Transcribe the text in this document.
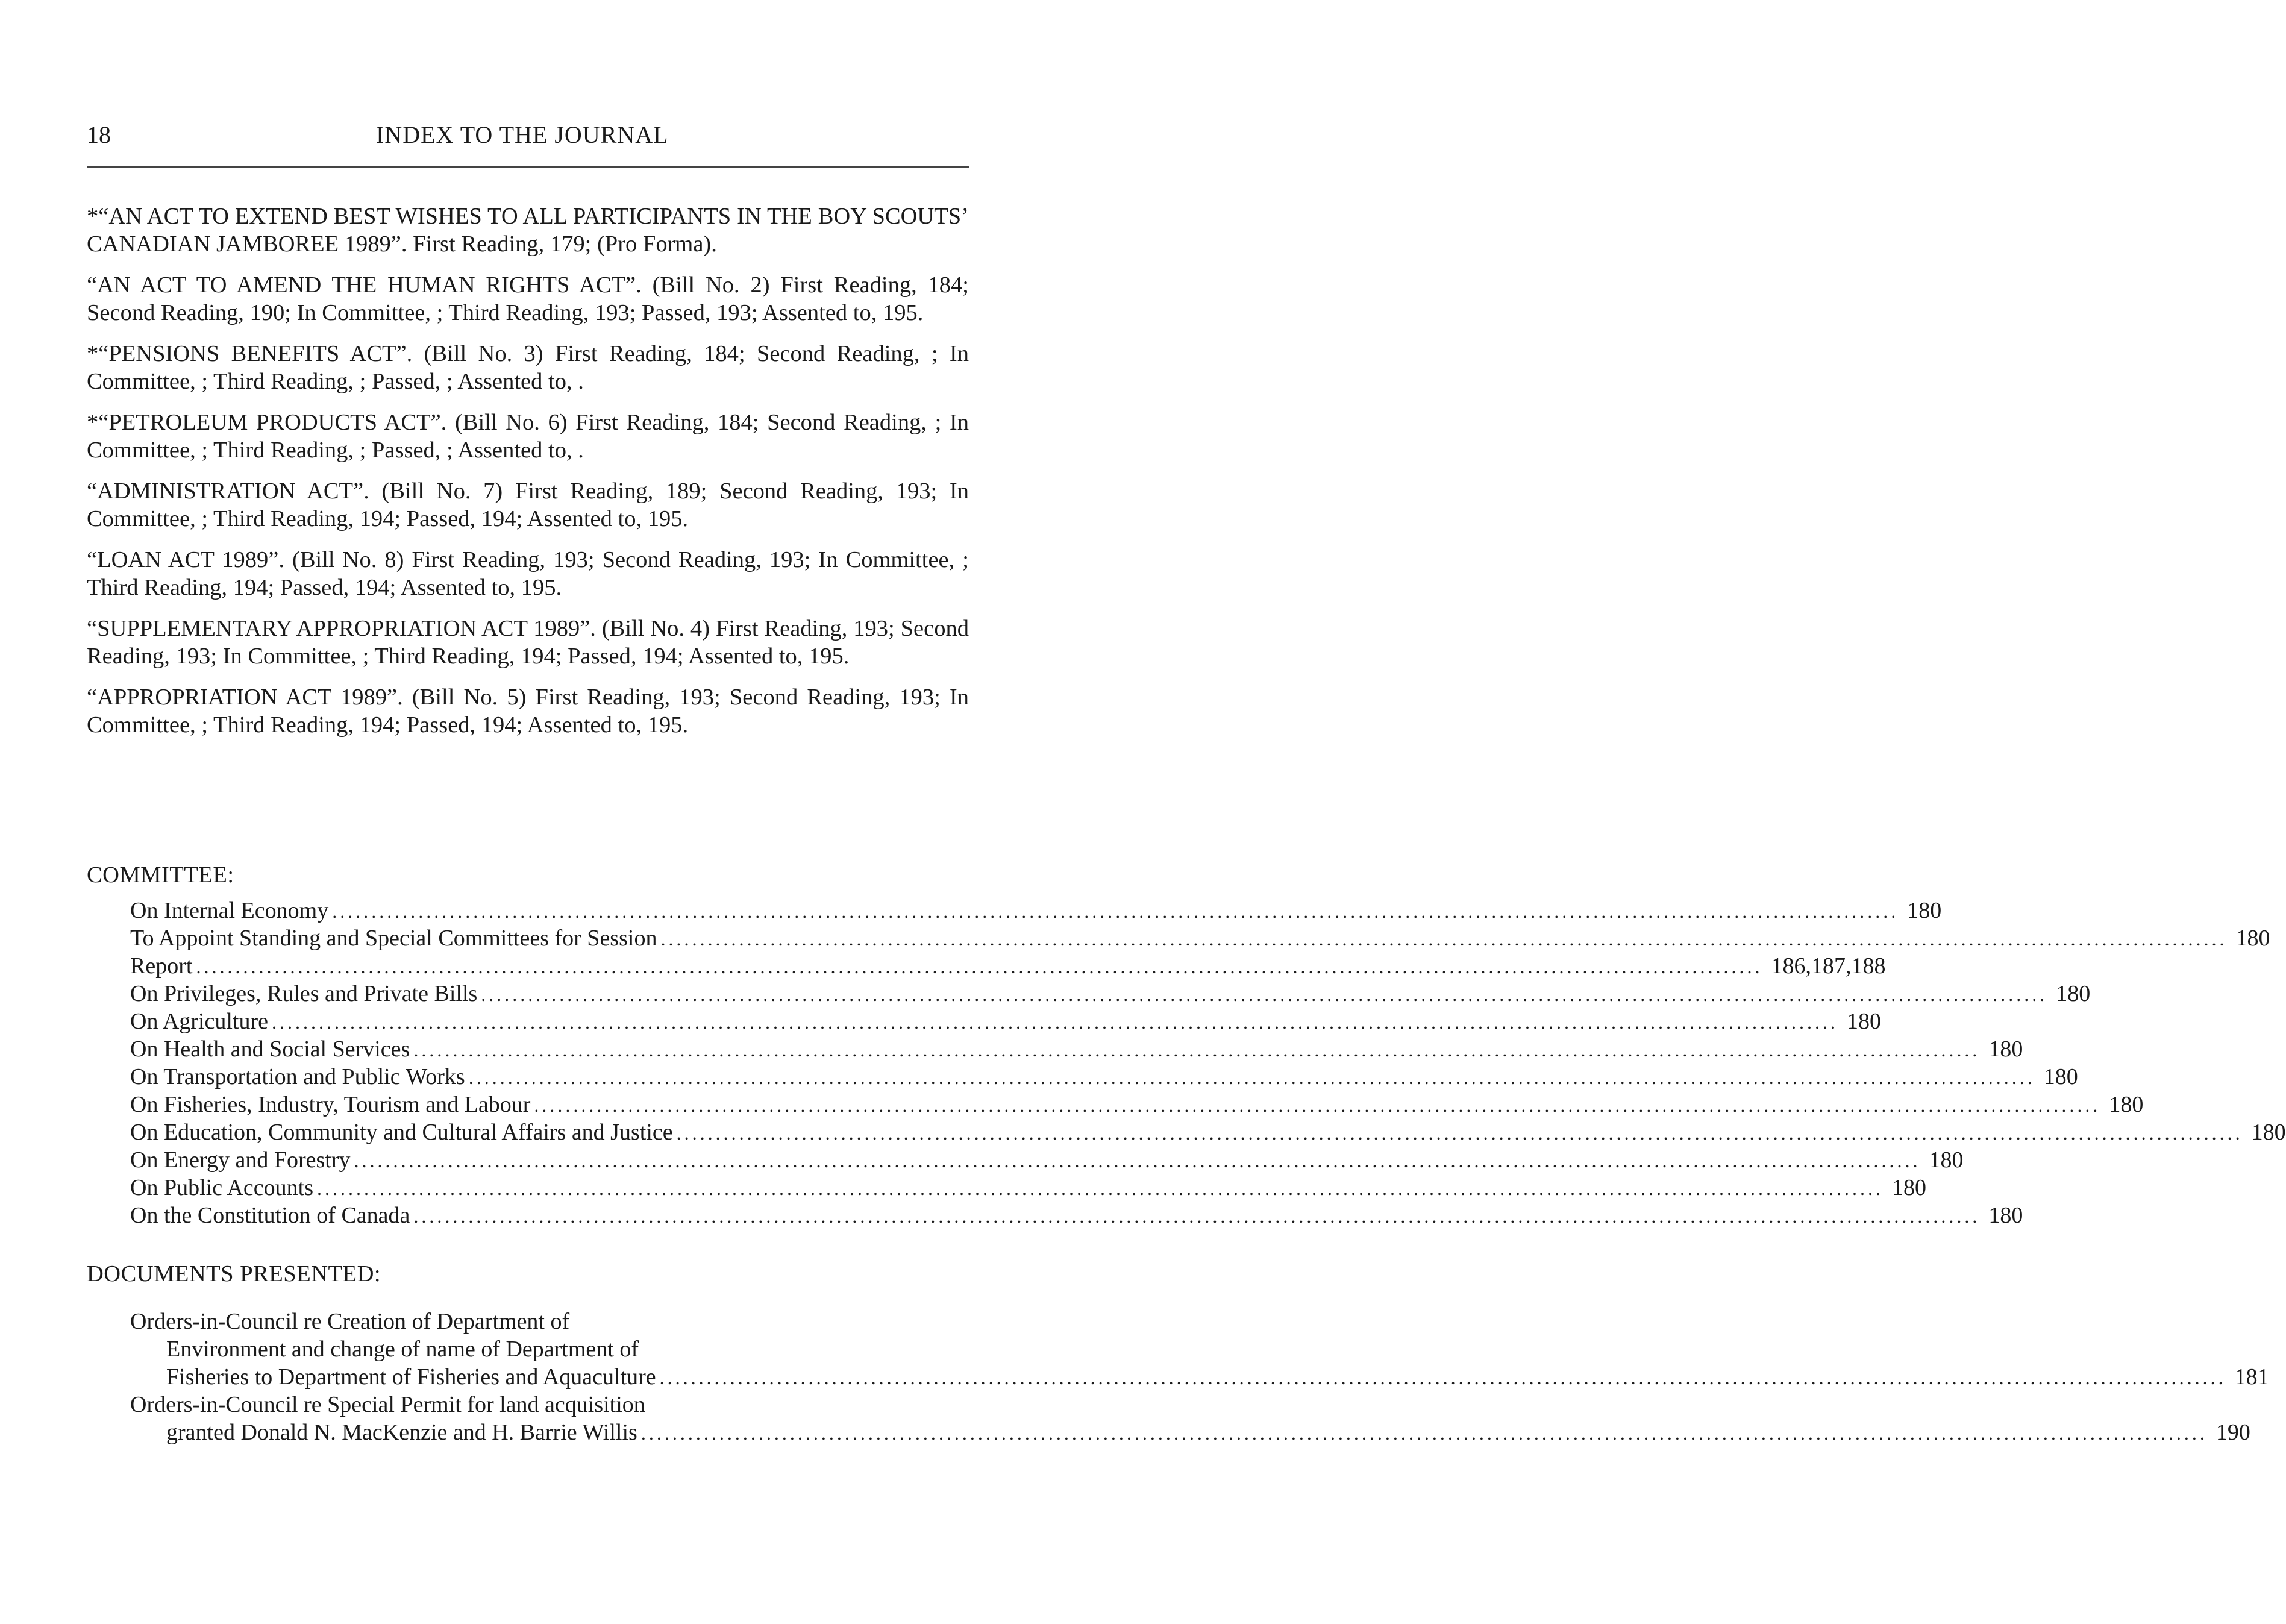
18	INDEX TO THE JOURNAL

*“AN ACT TO EXTEND BEST WISHES TO ALL PARTICIPANTS IN THE BOY SCOUTS’ CANADIAN JAMBOREE 1989”. First Reading, 179; (Pro Forma).

“AN ACT TO AMEND THE HUMAN RIGHTS ACT”. (Bill No. 2) First Reading, 184; Second Reading, 190; In Committee, ; Third Reading, 193; Passed, 193; Assented to, 195.

*“PENSIONS BENEFITS ACT”. (Bill No. 3) First Reading, 184; Second Reading, ; In Committee, ; Third Reading, ; Passed, ; Assented to, .

*“PETROLEUM PRODUCTS ACT”. (Bill No. 6) First Reading, 184; Second Reading, ; In Committee, ; Third Reading, ; Passed, ; Assented to, .

“ADMINISTRATION ACT”. (Bill No. 7) First Reading, 189; Second Reading, 193; In Committee, ; Third Reading, 194; Passed, 194; Assented to, 195.

“LOAN ACT 1989”. (Bill No. 8) First Reading, 193; Second Reading, 193; In Committee, ; Third Reading, 194; Passed, 194; Assented to, 195.

“SUPPLEMENTARY APPROPRIATION ACT 1989”. (Bill No. 4) First Reading, 193; Second Reading, 193; In Committee, ; Third Reading, 194; Passed, 194; Assented to, 195.

“APPROPRIATION ACT 1989”. (Bill No. 5) First Reading, 193; Second Reading, 193; In Committee, ; Third Reading, 194; Passed, 194; Assented to, 195.

COMMITTEE:
On Internal Economy ........................................................................................................................................................................................................ 180
To Appoint Standing and Special Committees for Session ........................................................................................................................................................................................................ 180
Report ........................................................................................................................................................................................................ 186,187,188
On Privileges, Rules and Private Bills ........................................................................................................................................................................................................ 180
On Agriculture ........................................................................................................................................................................................................ 180
On Health and Social Services ........................................................................................................................................................................................................ 180
On Transportation and Public Works ........................................................................................................................................................................................................ 180
On Fisheries, Industry, Tourism and Labour ........................................................................................................................................................................................................ 180
On Education, Community and Cultural Affairs and Justice ........................................................................................................................................................................................................ 180
On Energy and Forestry ........................................................................................................................................................................................................ 180
On Public Accounts ........................................................................................................................................................................................................ 180
On the Constitution of Canada ........................................................................................................................................................................................................ 180
DOCUMENTS PRESENTED:
Orders-in-Council re Creation of Department of
Environment and change of name of Department of
Fisheries to Department of Fisheries and Aquaculture ........................................................................................................................................................................................................ 181
Orders-in-Council re Special Permit for land acquisition
granted Donald N. MacKenzie and H. Barrie Willis ........................................................................................................................................................................................................ 190
